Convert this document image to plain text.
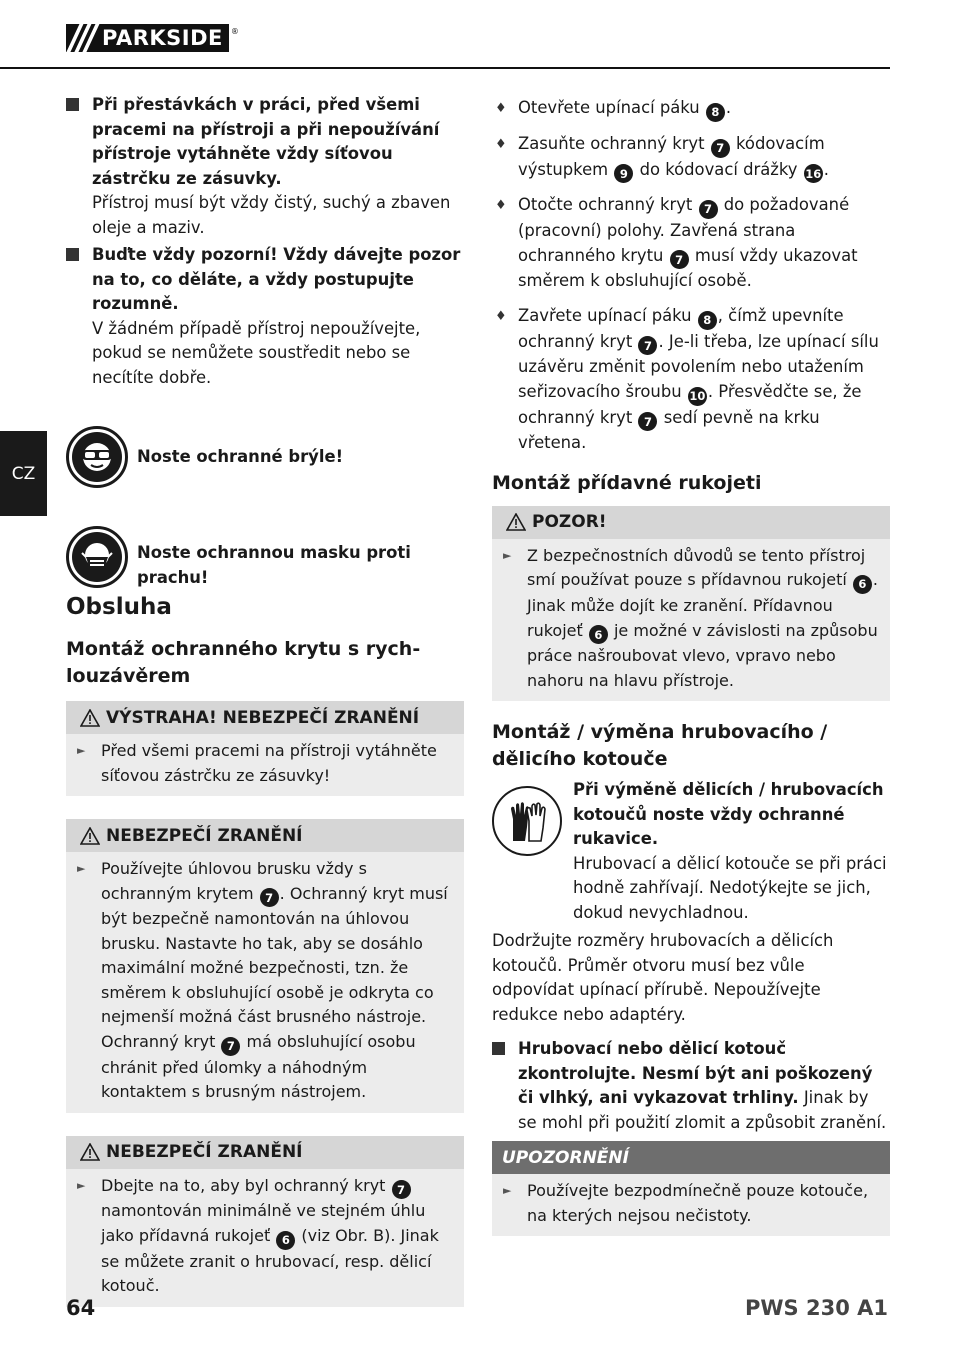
PARKSIDE	®
CZ
Při přestávkách v práci, před všemi pracemi na přístroji a při nepoužívání přístroje vytáhněte vždy síťovou zástrčku ze zásuvky.
Přístroj musí být vždy čistý, suchý a zbaven oleje a maziv.
Buďte vždy pozorní! Vždy dávejte pozor na to, co děláte, a vždy postupujte rozumně.
V žádném případě přístroj nepoužívejte, pokud se nemůžete soustředit nebo se necítíte dobře.
Noste ochranné brýle!
Noste ochrannou masku proti prachu!
Obsluha
Montáž ochranného krytu s rych-
louzávěrem
VÝSTRAHA! NEBEZPEČÍ ZRANĚNÍ
► Před všemi pracemi na přístroji vytáhněte síťovou zástrčku ze zásuvky!
NEBEZPEČÍ ZRANĚNÍ
► Používejte úhlovou brusku vždy s ochranným krytem 7 . Ochranný kryt musí být bezpečně namontován na úhlovou brusku. Nastavte ho tak, aby se dosáhlo maximální možné bezpečnosti, tzn. že směrem k obsluhující osobě je odkryta co nejmenší možná část brusného nástroje. Ochranný kryt 7 má obsluhující osobu chránit před úlomky a náhodným kontaktem s brusným nástrojem.
NEBEZPEČÍ ZRANĚNÍ
► Dbejte na to, aby byl ochranný kryt 7 namontován minimálně ve stejném úhlu jako přídavná rukojeť 6 (viz Obr. B). Jinak se můžete zranit o hrubovací, resp. dělicí kotouč.
♦ Otevřete upínací páku 8 .
♦ Zasuňte ochranný kryt 7 kódovacím výstupkem 9 do kódovací drážky 16 .
♦ Otočte ochranný kryt 7 do požadované (pracovní) polohy. Zavřená strana ochranného krytu 7 musí vždy ukazovat směrem k obsluhující osobě.
♦ Zavřete upínací páku 8 , čímž upevníte ochranný kryt 7 . Je-li třeba, lze upínací sílu uzávěru změnit povolením nebo utažením seřizovacího šroubu 10 . Přesvědčte se, že ochranný kryt 7 sedí pevně na krku vřetena.
Montáž přídavné rukojeti
POZOR!
► Z bezpečnostních důvodů se tento přístroj smí používat pouze s přídavnou rukojetí 6 . Jinak může dojít ke zranění. Přídavnou rukojeť 6 je možné v závislosti na způsobu práce našroubovat vlevo, vpravo nebo nahoru na hlavu přístroje.
Montáž / výměna hrubovacího /
dělicího kotouče
Při výměně dělicích / hrubovacích kotoučů noste vždy ochranné rukavice.
Hrubovací a dělicí kotouče se při práci hodně zahřívají. Nedotýkejte se jich, dokud nevychladnou.
Dodržujte rozměry hrubovacích a dělicích kotoučů. Průměr otvoru musí bez vůle odpovídat upínací přírubě. Nepoužívejte redukce nebo adaptéry.
Hrubovací nebo dělicí kotouč zkontrolujte. Nesmí být ani poškozený či vlhký, ani vykazovat trhliny. Jinak by se mohl při použití zlomit a způsobit zranění.
UPOZORNĚNÍ
► Používejte bezpodmínečně pouze kotouče, na kterých nejsou nečistoty.
64	PWS 230 A1
